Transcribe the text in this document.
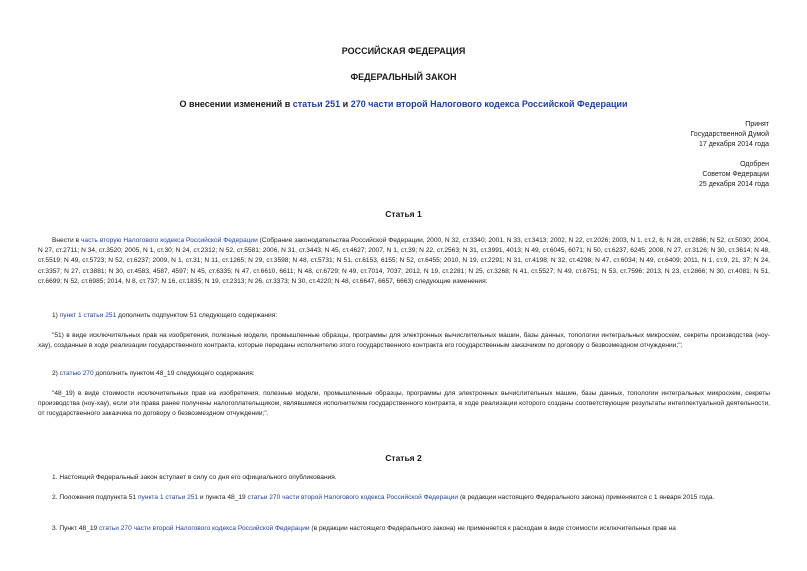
РОССИЙСКАЯ ФЕДЕРАЦИЯ
ФЕДЕРАЛЬНЫЙ ЗАКОН
О внесении изменений в статьи 251 и 270 части второй Налогового кодекса Российской Федерации
Принят
Государственной Думой
17 декабря 2014 года
Одобрен
Советом Федерации
25 декабря 2014 года
Статья 1
Внести в часть вторую Налогового кодекса Российской Федерации (Собрание законодательства Российской Федерации, 2000, N 32, ст.3340; 2001, N 33, ст.3413; 2002, N 22, ст.2026; 2003, N 1, ст.2, 6; N 28, ст.2886; N 52, ст.5030; 2004, N 27, ст.2711; N 34, ст.3520; 2005, N 1, ст.30; N 24, ст.2312; N 52, ст.5581; 2006, N 31, ст.3443; N 45, ст.4627; 2007, N 1, ст.39; N 22, ст.2563; N 31, ст.3991, 4013; N 49, ст.6045, 6071; N 50, ст.6237, 6245; 2008, N 27, ст.3126; N 30, ст.3614; N 48, ст.5519; N 49, ст.5723; N 52, ст.6237; 2009, N 1, ст.31; N 11, ст.1265; N 29, ст.3598; N 48, ст.5731; N 51, ст.6153, 6155; N 52, ст.6455; 2010, N 19, ст.2291; N 31, ст.4198; N 32, ст.4298; N 47, ст.6034; N 49, ст.6409; 2011, N 1, ст.9, 21, 37; N 24, ст.3357; N 27, ст.3881; N 30, ст.4583, 4587, 4597; N 45, ст.6335; N 47, ст.6610, 6611; N 48, ст.6729; N 49, ст.7014, 7037; 2012, N 19, ст.2281; N 25, ст.3268; N 41, ст.5527; N 49, ст.6751; N 53, ст.7596; 2013, N 23, ст.2866; N 30, ст.4081; N 51, ст.6699; N 52, ст.6985; 2014, N 8, ст.737; N 16, ст.1835; N 19, ст.2313; N 26, ст.3373; N 30, ст.4220; N 48, ст.6647, 6657, 6663) следующие изменения:
1) пункт 1 статьи 251 дополнить подпунктом 51 следующего содержания:
"51) в виде исключительных прав на изобретения, полезные модели, промышленные образцы, программы для электронных вычислительных машин, базы данных, топологии интегральных микросхем, секреты производства (ноу-хау), созданные в ходе реализации государственного контракта, которые переданы исполнителю этого государственного контракта его государственным заказчиком по договору о безвозмездном отчуждении;";
2) статью 270 дополнить пунктом 48_19 следующего содержания:
"48_19) в виде стоимости исключительных прав на изобретения, полезные модели, промышленные образцы, программы для электронных вычислительных машин, базы данных, топологии интегральных микросхем, секреты производства (ноу-хау), если эти права ранее получены налогоплательщиком, являвшимся исполнителем государственного контракта, в ходе реализации которого созданы соответствующие результаты интеллектуальной деятельности, от государственного заказчика по договору о безвозмездном отчуждении;".
Статья 2
1. Настоящий Федеральный закон вступает в силу со дня его официального опубликования.
2. Положения подпункта 51 пункта 1 статьи 251 и пункта 48_19 статьи 270 части второй Налогового кодекса Российской Федерации (в редакции настоящего Федерального закона) применяются с 1 января 2015 года.
3. Пункт 48_19 статьи 270 части второй Налогового кодекса Российской Федерации (в редакции настоящего Федерального закона) не применяется к расходам в виде стоимости исключительных прав на
